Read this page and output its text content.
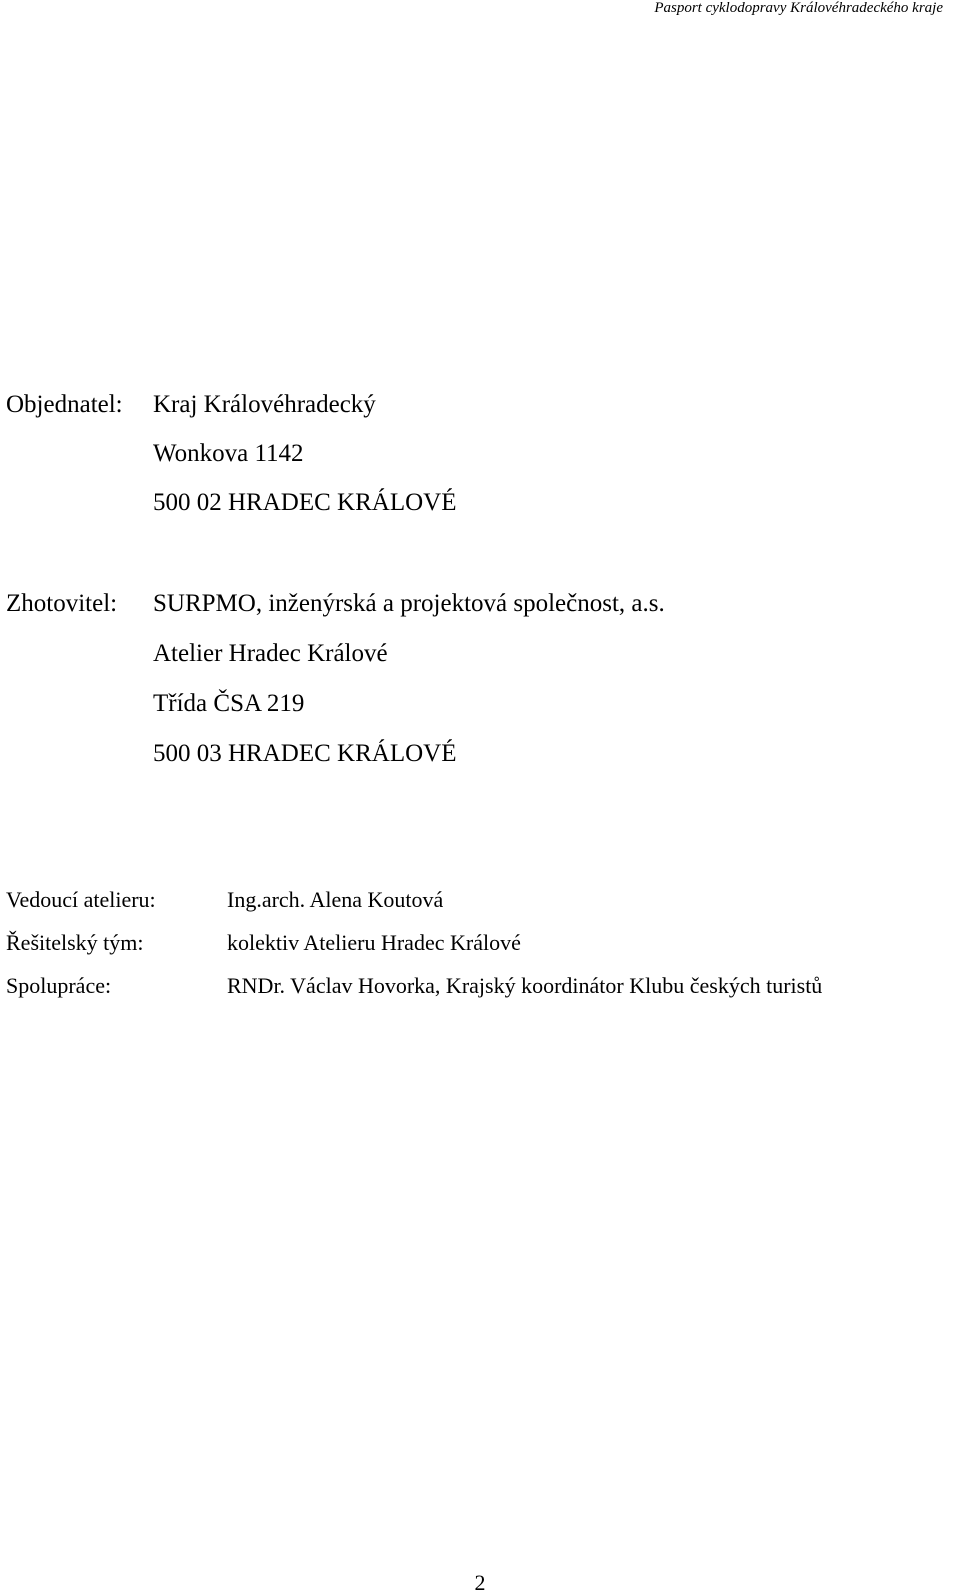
Pasport cyklodopravy Královéhradeckého kraje
Objednatel: Kraj Královéhradecký
Wonkova 1142
500 02 HRADEC KRÁLOVÉ
Zhotovitel: SURPMO, inženýrská a projektová společnost, a.s.
Atelier Hradec Králové
Třída ČSA 219
500 03 HRADEC KRÁLOVÉ
Vedoucí atelieru:	Ing.arch. Alena Koutová
Řešitelský tým:	kolektiv Atelieru Hradec Králové
Spolupráce:	RNDr. Václav Hovorka, Krajský koordinátor Klubu českých turistů
2
